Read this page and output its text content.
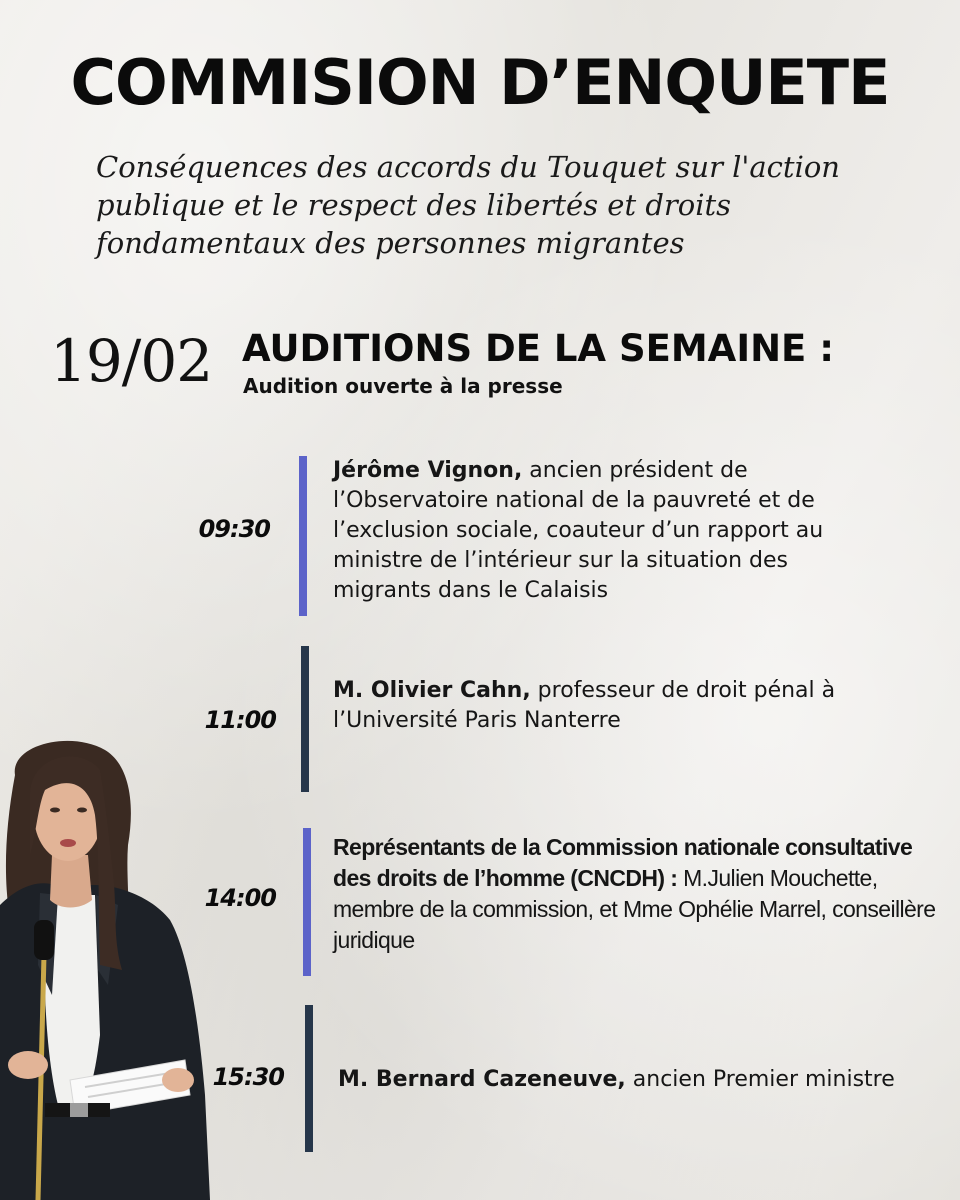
COMMISION D’ENQUETE
Conséquences des accords du Touquet sur l'action publique et le respect des libertés et droits fondamentaux des personnes migrantes
19/02 AUDITIONS DE LA SEMAINE :
Audition ouverte à la presse
09:30
Jérôme Vignon, ancien président de l’Observatoire national de la pauvreté et de l’exclusion sociale, coauteur d’un rapport au ministre de l’intérieur sur la situation des migrants dans le Calaisis
11:00
M. Olivier Cahn, professeur de droit pénal à l’Université Paris Nanterre
14:00
Représentants de la Commission nationale consultative des droits de l’homme (CNCDH) : M.Julien Mouchette, membre de la commission, et Mme Ophélie Marrel, conseillère juridique
15:30 M. Bernard Cazeneuve, ancien Premier ministre
